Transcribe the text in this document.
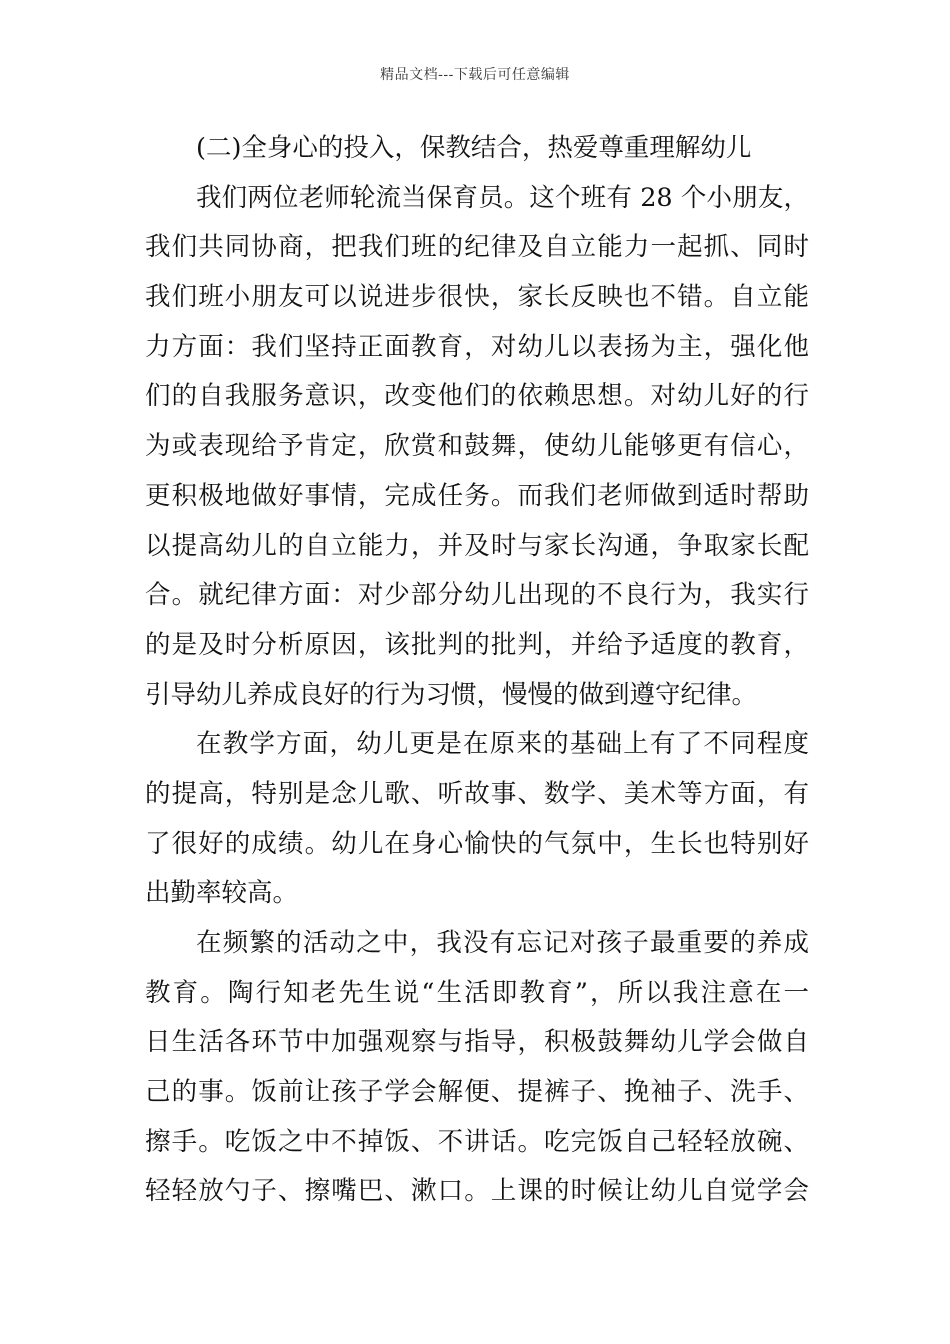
精品文档---下载后可任意编辑
(二)全身心的投入，保教结合，热爱尊重理解幼儿
我们两位老师轮流当保育员。这个班有 28 个小朋友，
我们共同协商，把我们班的纪律及自立能力一起抓、同时
我们班小朋友可以说进步很快，家长反映也不错。自立能
力方面：我们坚持正面教育，对幼儿以表扬为主，强化他
们的自我服务意识，改变他们的依赖思想。对幼儿好的行
为或表现给予肯定，欣赏和鼓舞，使幼儿能够更有信心，
更积极地做好事情，完成任务。而我们老师做到适时帮助
以提高幼儿的自立能力，并及时与家长沟通，争取家长配
合。就纪律方面：对少部分幼儿出现的不良行为，我实行
的是及时分析原因，该批判的批判，并给予适度的教育，
引导幼儿养成良好的行为习惯，慢慢的做到遵守纪律。
在教学方面，幼儿更是在原来的基础上有了不同程度
的提高，特别是念儿歌、听故事、数学、美术等方面，有
了很好的成绩。幼儿在身心愉快的气氛中，生长也特别好
出勤率较高。
在频繁的活动之中，我没有忘记对孩子最重要的养成
教育。陶行知老先生说“生活即教育”，所以我注意在一
日生活各环节中加强观察与指导，积极鼓舞幼儿学会做自
己的事。饭前让孩子学会解便、提裤子、挽袖子、洗手、
擦手。吃饭之中不掉饭、不讲话。吃完饭自己轻轻放碗、
轻轻放勺子、擦嘴巴、漱口。上课的时候让幼儿自觉学会
